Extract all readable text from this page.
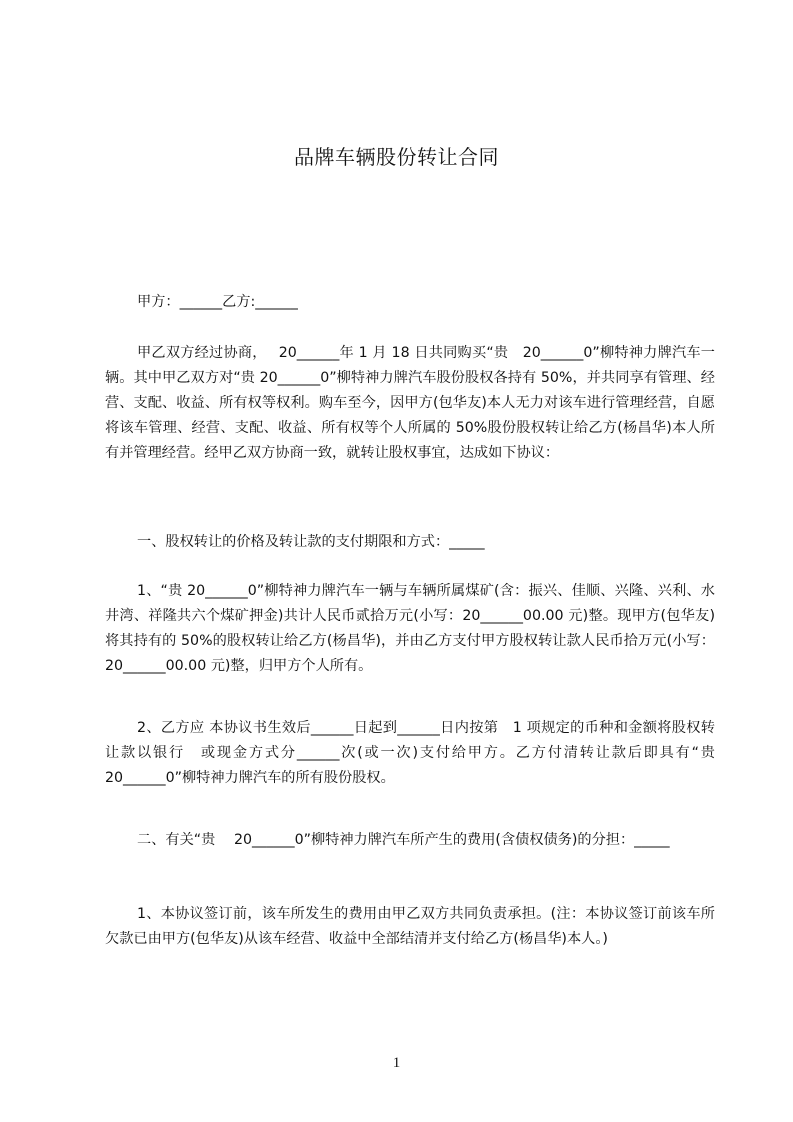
品牌车辆股份转让合同

甲方：______乙方:______

甲乙双方经过协商，　 20______年 1 月 18 日共同购买“贵　20______0”柳特神力牌汽车一辆。其中甲乙双方对“贵 20______0”柳特神力牌汽车股份股权各持有 50%，并共同享有管理、经营、支配、收益、所有权等权利。购车至今，因甲方(包华友)本人无力对该车进行管理经营，自愿将该车管理、经营、支配、收益、所有权等个人所属的 50%股份股权转让给乙方(杨昌华)本人所有并管理经营。经甲乙双方协商一致，就转让股权事宜，达成如下协议：

一、股权转让的价格及转让款的支付期限和方式：_____

1、“贵 20______0”柳特神力牌汽车一辆与车辆所属煤矿(含：振兴、佳顺、兴隆、兴利、水井湾、祥隆共六个煤矿押金)共计人民币贰拾万元(小写：20______00.00 元)整。现甲方(包华友)将其持有的 50%的股权转让给乙方(杨昌华)，并由乙方支付甲方股权转让款人民币拾万元(小写：20______00.00 元)整，归甲方个人所有。

2、乙方应 本协议书生效后______日起到______日内按第　1 项规定的币种和金额将股权转让款以银行　或现金方式分______次(或一次)支付给甲方。乙方付清转让款后即具有“贵 20______0”柳特神力牌汽车的所有股份股权。

二、有关“贵　 20______0”柳特神力牌汽车所产生的费用(含债权债务)的分担：_____

1、本协议签订前，该车所发生的费用由甲乙双方共同负责承担。(注：本协议签订前该车所欠款已由甲方(包华友)从该车经营、收益中全部结清并支付给乙方(杨昌华)本人。)

1
